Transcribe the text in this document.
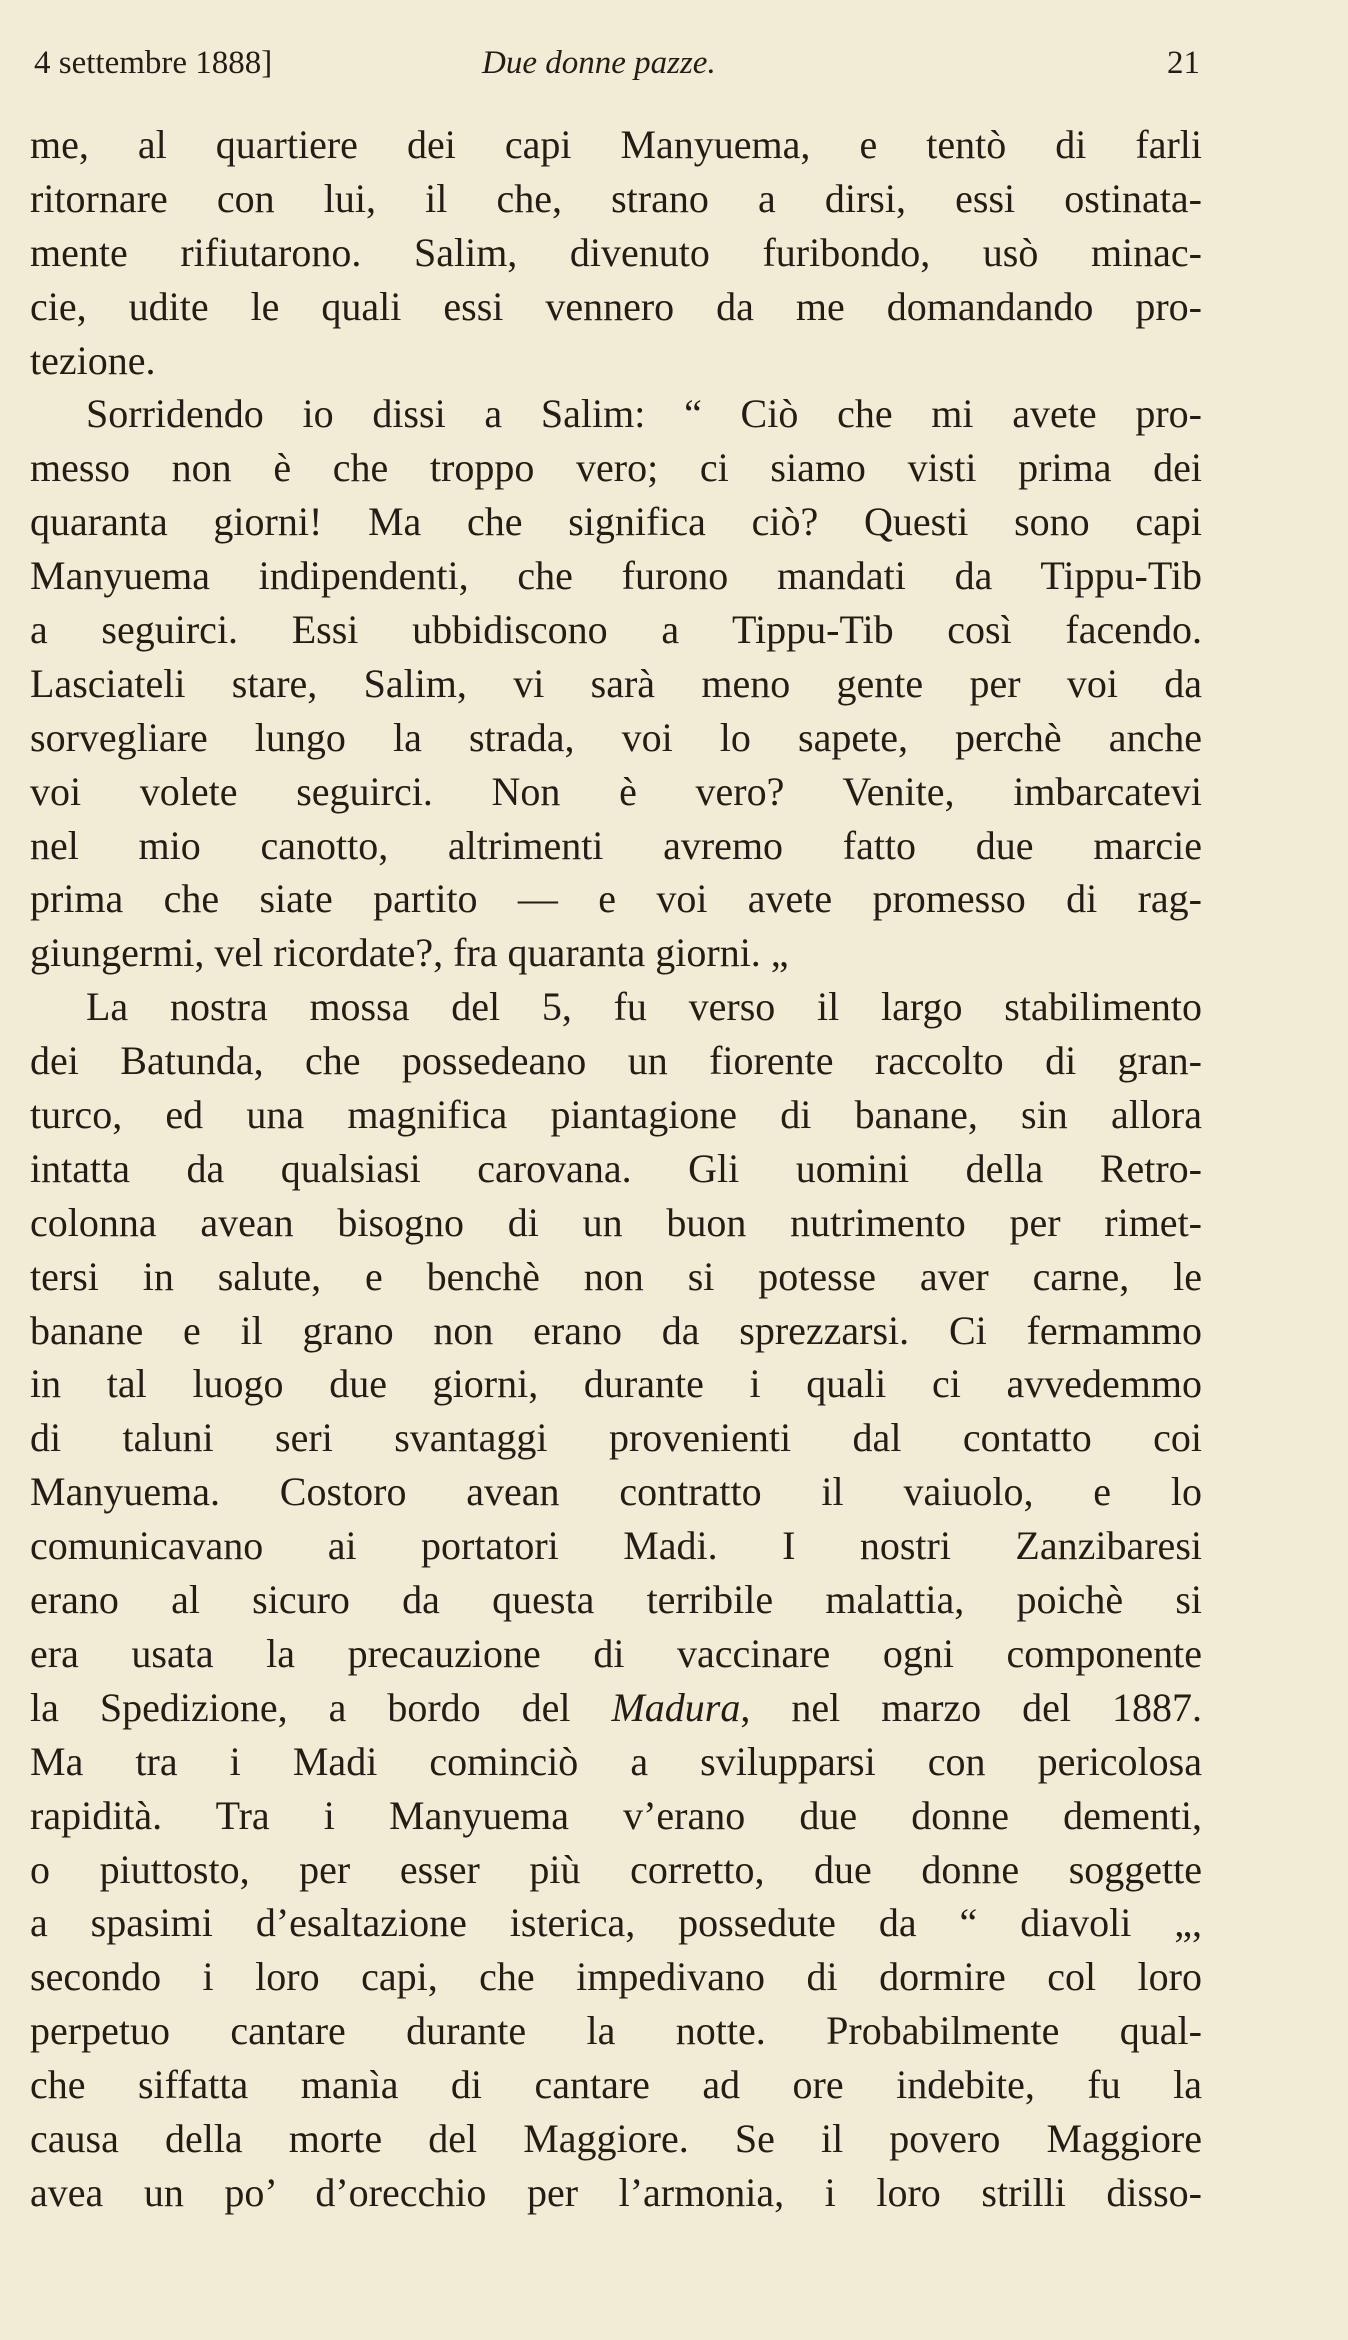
4 settembre 1888]	Due donne pazze.	21
me, al quartiere dei capi Manyuema, e tentò di farli
ritornare con lui, il che, strano a dirsi, essi ostinata-
mente rifiutarono. Salim, divenuto furibondo, usò minac-
cie, udite le quali essi vennero da me domandando pro-
tezione.
Sorridendo io dissi a Salim: “ Ciò che mi avete pro-
messo non è che troppo vero; ci siamo visti prima dei
quaranta giorni! Ma che significa ciò? Questi sono capi
Manyuema indipendenti, che furono mandati da Tippu-Tib
a seguirci. Essi ubbidiscono a Tippu-Tib così facendo.
Lasciateli stare, Salim, vi sarà meno gente per voi da
sorvegliare lungo la strada, voi lo sapete, perchè anche
voi volete seguirci. Non è vero? Venite, imbarcatevi
nel mio canotto, altrimenti avremo fatto due marcie
prima che siate partito — e voi avete promesso di rag-
giungermi, vel ricordate?, fra quaranta giorni. „
La nostra mossa del 5, fu verso il largo stabilimento
dei Batunda, che possedeano un fiorente raccolto di gran-
turco, ed una magnifica piantagione di banane, sin allora
intatta da qualsiasi carovana. Gli uomini della Retro-
colonna avean bisogno di un buon nutrimento per rimet-
tersi in salute, e benchè non si potesse aver carne, le
banane e il grano non erano da sprezzarsi. Ci fermammo
in tal luogo due giorni, durante i quali ci avvedemmo
di taluni seri svantaggi provenienti dal contatto coi
Manyuema. Costoro avean contratto il vaiuolo, e lo
comunicavano ai portatori Madi. I nostri Zanzibaresi
erano al sicuro da questa terribile malattia, poichè si
era usata la precauzione di vaccinare ogni componente
la Spedizione, a bordo del Madura, nel marzo del 1887.
Ma tra i Madi cominciò a svilupparsi con pericolosa
rapidità. Tra i Manyuema v’erano due donne dementi,
o piuttosto, per esser più corretto, due donne soggette
a spasimi d’esaltazione isterica, possedute da “ diavoli „,
secondo i loro capi, che impedivano di dormire col loro
perpetuo cantare durante la notte. Probabilmente qual-
che siffatta manìa di cantare ad ore indebite, fu la
causa della morte del Maggiore. Se il povero Maggiore
avea un po’ d’orecchio per l’armonia, i loro strilli disso-
